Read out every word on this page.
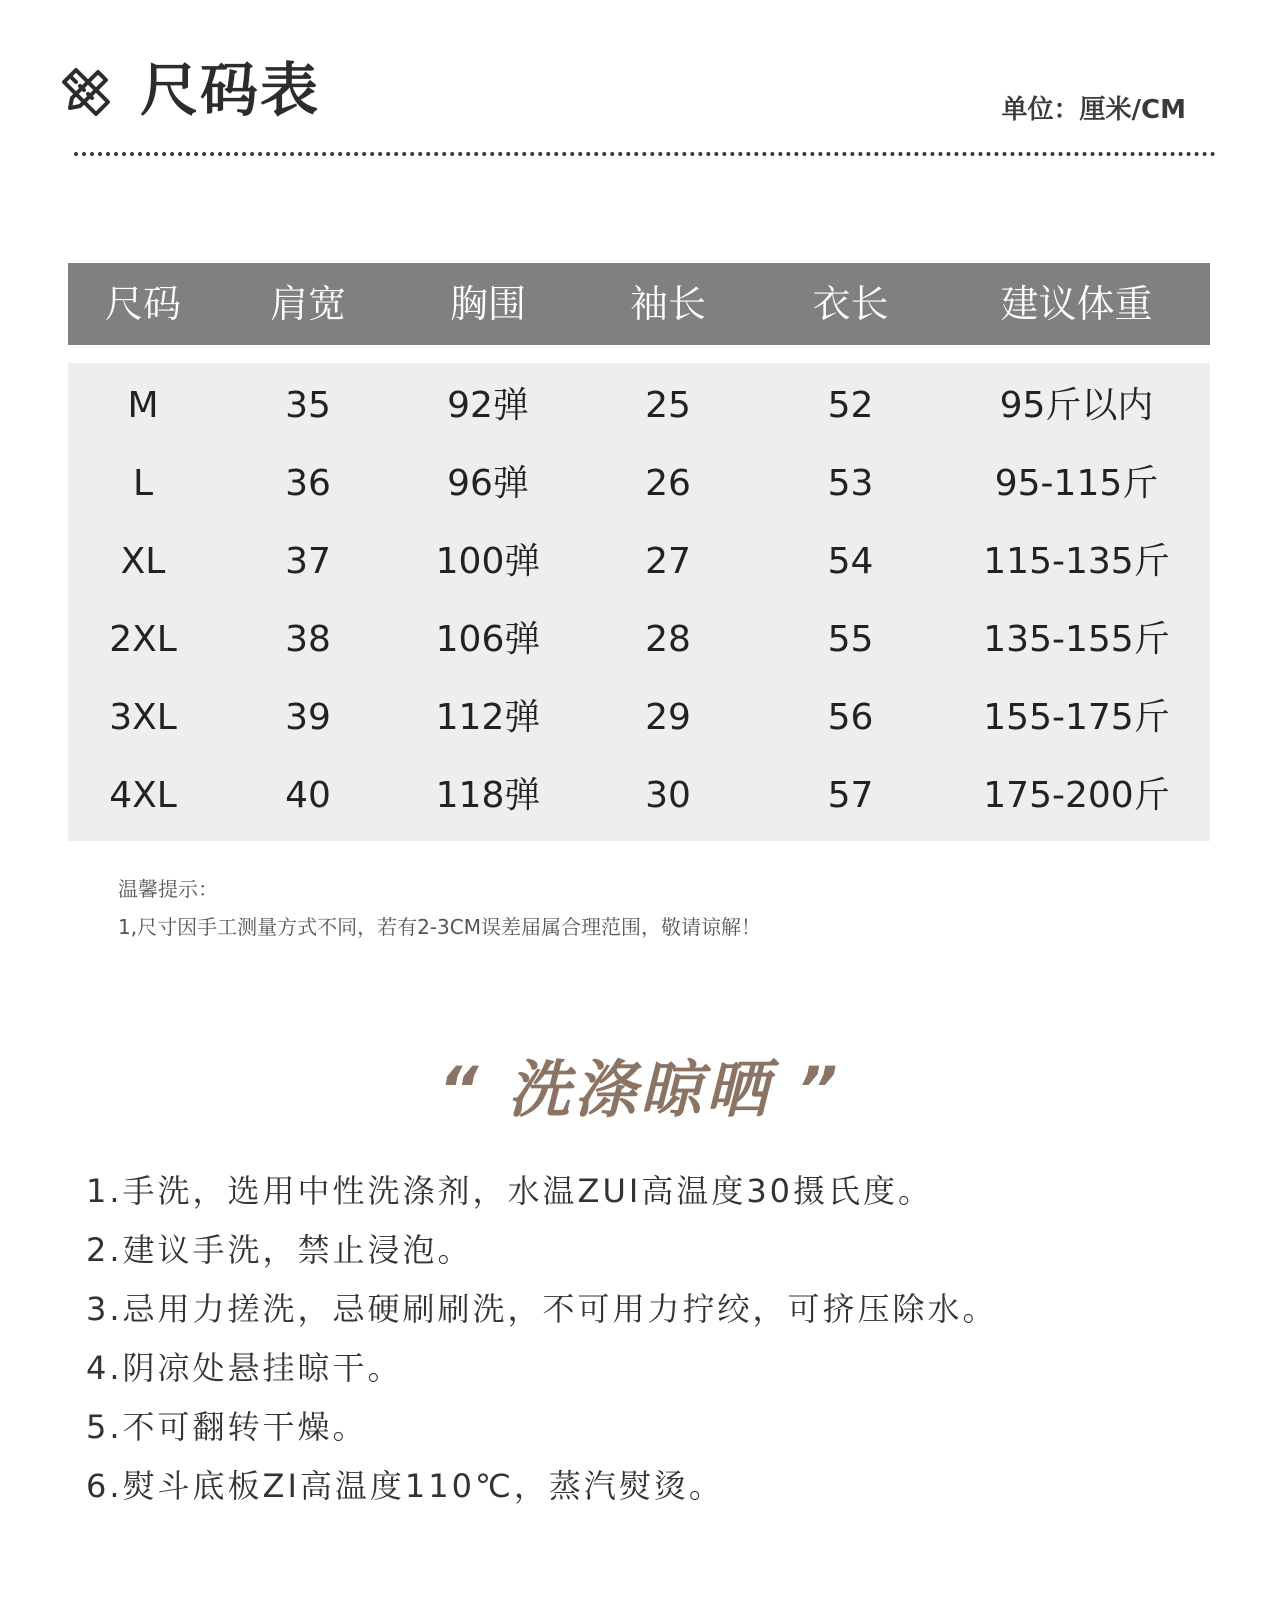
尺码表	单位：厘米/CM
尺码	肩宽	胸围	袖长	衣长	建议体重
M	35	92弹	25	52	95斤以内
L	36	96弹	26	53	95-115斤
XL	37	100弹	27	54	115-135斤
2XL	38	106弹	28	55	135-155斤
3XL	39	112弹	29	56	155-175斤
4XL	40	118弹	30	57	175-200斤
温馨提示：
1,尺寸因手工测量方式不同，若有2-3CM误差届属合理范围，敬请谅解！
“ 洗涤晾晒 ”
1.手洗，选用中性洗涤剂，水温ZUI高温度30摄氏度。
2.建议手洗，禁止浸泡。
3.忌用力搓洗，忌硬刷刷洗，不可用力拧绞，可挤压除水。
4.阴凉处悬挂晾干。
5.不可翻转干燥。
6.熨斗底板ZI高温度110℃，蒸汽熨烫。
